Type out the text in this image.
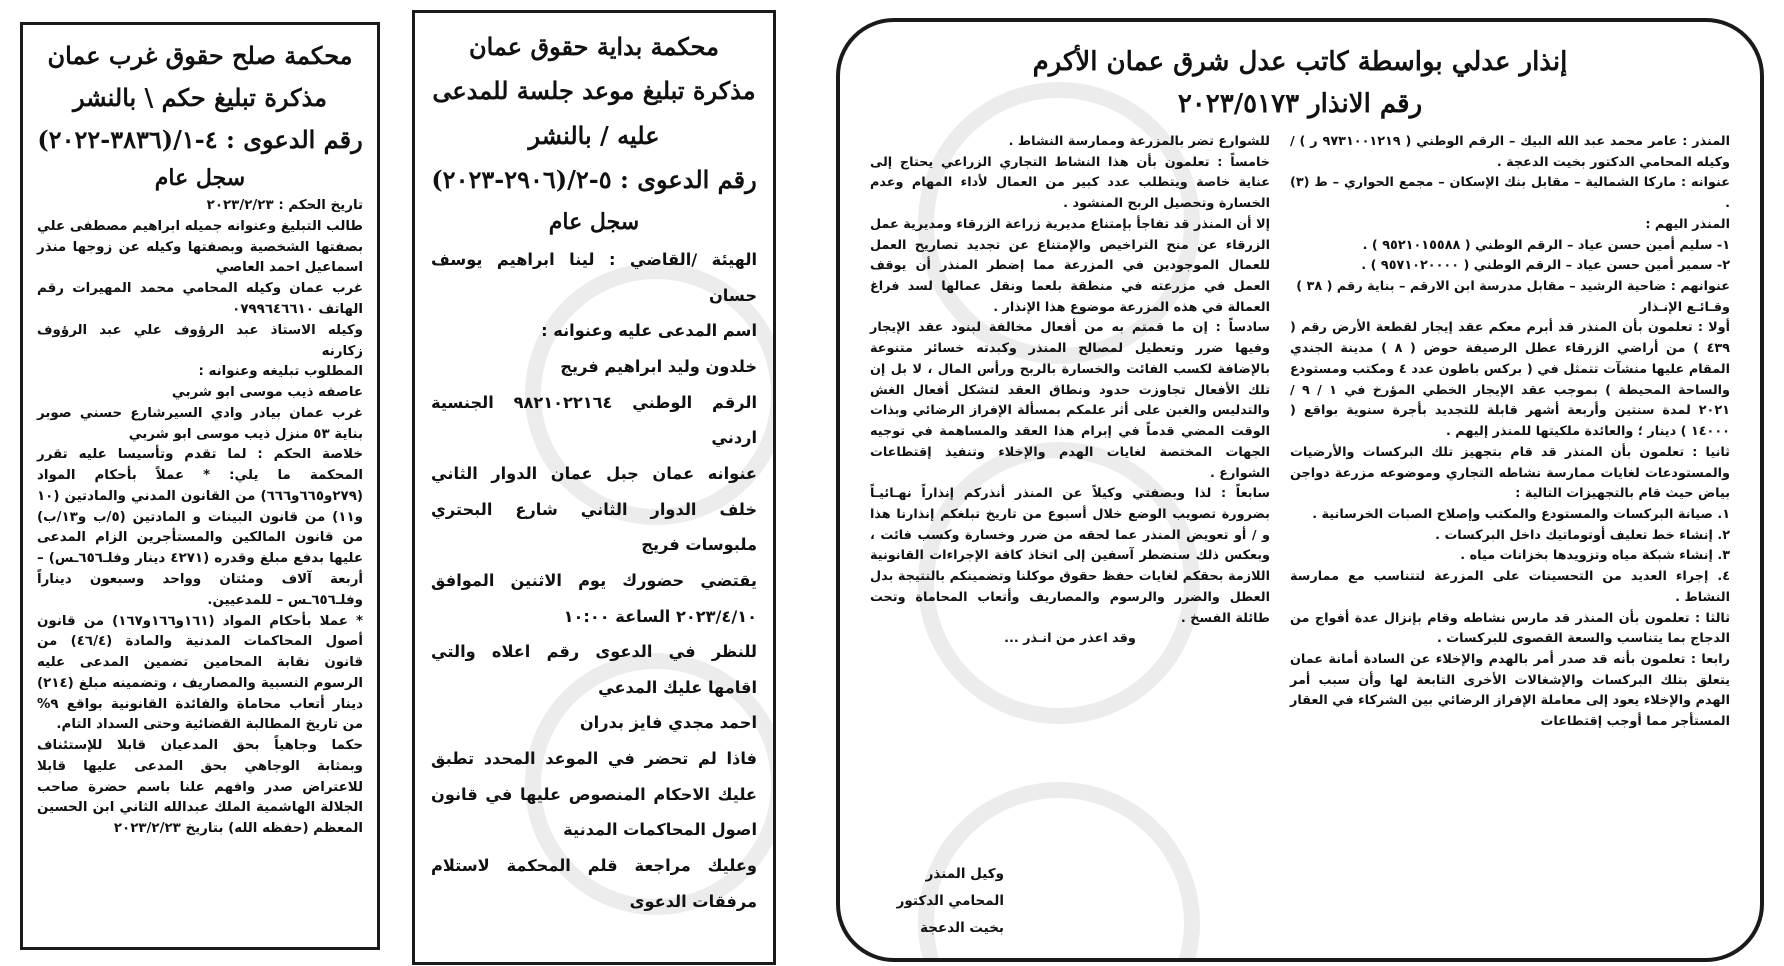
محكمة صلح حقوق غرب عمان

مذكرة تبليغ حكم \ بالنشر

رقم الدعوى : ٤-١/(٣٨٣٦-٢٠٢٢)

سجل عام

تاريخ الحكم : ٢٠٢٣/٢/٢٣

طالب التبليغ وعنوانه جميله ابراهيم مصطفى علي بصفتها الشخصية وبصفتها وكيله عن زوجها منذر اسماعيل احمد العاصي

غرب عمان وكيله المحامي محمد المهيرات رقم الهاتف ٠٧٩٩٦٤٦٦١٠

وكيله الاستاذ عبد الرؤوف علي عبد الرؤوف زكارنه

المطلوب تبليغه وعنوانه :

عاصفه ذيب موسى ابو شربي

غرب عمان بيادر وادي السيرشارع حسني صوبر بناية ٥٣ منزل ذيب موسى ابو شربي

خلاصة الحكم : لما تقدم وتأسيسا عليه تقرر المحكمة ما يلي: * عملاً بأحكام المواد (٢٧٩و٦٦٥و٦٦٦) من القانون المدني والمادتين (١٠ و١١) من قانون البينات و المادتين (٥/ب و١٣/ب) من قانون المالكين والمستأجرين الزام المدعى عليها بدفع مبلغ وقدره (٤٢٧١ دينار وفلـ٦٥٦ـس) – أربعة آلاف ومئتان وواحد وسبعون ديناراً وفلـ٦٥٦ـس – للمدعيين.

* عملا بأحكام المواد (١٦١و١٦٦و١٦٧) من قانون أصول المحاكمات المدنية والمادة (٤٦/٤) من قانون نقابة المحامين تضمين المدعى عليه الرسوم النسبية والمصاريف ، وتضمينه مبلغ (٢١٤) دينار أتعاب محاماة والفائدة القانونية بواقع ٩% من تاريخ المطالبة القضائية وحتى السداد التام.

حكما وجاهياً بحق المدعيان قابلا للإستئناف وبمثابة الوجاهي بحق المدعى عليها قابلا للاعتراض صدر وافهم علنا باسم حضرة صاحب الجلالة الهاشمية الملك عبدالله الثاني ابن الحسين المعظم (حفظه الله) بتاريخ ٢٠٢٣/٢/٢٣

محكمة بداية حقوق عمان

مذكرة تبليغ موعد جلسة للمدعى عليه / بالنشر

رقم الدعوى : ٥-٢/(٢٩٠٦-٢٠٢٣)

سجل عام

الهيئة /القاضي : لينا ابراهيم يوسف حسان

اسم المدعى عليه وعنوانه :

خلدون وليد ابراهيم فريج

الرقم الوطني ٩٨٢١٠٢٢١٦٤ الجنسية اردني

عنوانه عمان جبل عمان الدوار الثاني خلف الدوار الثاني شارع البحتري ملبوسات فريج

يقتضي حضورك يوم الاثنين الموافق ٢٠٢٣/٤/١٠ الساعة ١٠:٠٠

للنظر في الدعوى رقم اعلاه والتي اقامها عليك المدعي

احمد مجدي فايز بدران

فاذا لم تحضر في الموعد المحدد تطبق عليك الاحكام المنصوص عليها في قانون اصول المحاكمات المدنية

وعليك مراجعة قلم المحكمة لاستلام مرفقات الدعوى

إنذار عدلي بواسطة كاتب عدل شرق عمان الأكرم

رقم الانذار ٢٠٢٣/٥١٧٣

المنذر : عامر محمد عبد الله البيك – الرقم الوطني ( ٩٧٣١٠٠١٢١٩ ر ) / وكيله المحامي الدكتور بخيت الدعجة .

عنوانه : ماركا الشمالية – مقابل بنك الإسكان – مجمع الحواري – ط (٣) .

المنذر اليهم :

١- سليم أمين حسن عياد – الرقم الوطني ( ٩٥٢١٠١٥٥٨٨ ) .

٢- سمير أمين حسن عياد – الرقم الوطني ( ٩٥٧١٠٢٠٠٠٠ ) .

عنوانهم : ضاحية الرشيد – مقابل مدرسة ابن الارقم – بناية رقم ( ٣٨ )

وقـائـع الإنـذار

أولا : تعلمون بأن المنذر قد أبرم معكم عقد إيجار لقطعة الأرض رقم ( ٤٣٩ ) من أراضي الزرقاء عطل الرصيفة حوض ( ٨ ) مدينة الجندي المقام عليها منشآت تتمثل في ( بركس باطون عدد ٤ ومكتب ومستودع والساحة المحيطة ) بموجب عقد الإيجار الخطي المؤرخ في ١ / ٩ / ٢٠٢١ لمدة سنتين وأربعة أشهر قابلة للتجديد بأجرة سنوية بواقع ( ١٤٠٠٠ ) دينار ؛ والعائدة ملكيتها للمنذر إليهم .

ثانيا : تعلمون بأن المنذر قد قام بتجهيز تلك البركسات والأرضيات والمستودعات لغايات ممارسة نشاطه التجاري وموضوعه مزرعة دواجن بياض حيث قام بالتجهيزات التالية :

١. صيانة البركسات والمستودع والمكتب وإصلاح الصبات الخرسانية .

٢. إنشاء خط تعليف أوتوماتيك داخل البركسات .

٣. إنشاء شبكة مياه وتزويدها بخزانات مياه .

٤. إجراء العديد من التحسينات على المزرعة لتتناسب مع ممارسة النشاط .

ثالثا : تعلمون بأن المنذر قد مارس نشاطه وقام بإنزال عدة أفواج من الدجاج بما يتناسب والسعة القصوى للبركسات .

رابعا : تعلمون بأنه قد صدر أمر بالهدم والإخلاء عن السادة أمانة عمان يتعلق بتلك البركسات والإشغالات الأخرى التابعة لها وأن سبب أمر الهدم والإخلاء يعود إلى معاملة الإفراز الرضائي بين الشركاء في العقار المستأجر مما أوجب إقتطاعات

للشوارع تضر بالمزرعة وممارسة النشاط .

خامساً : تعلمون بأن هذا النشاط التجاري الزراعي يحتاج إلى عناية خاصة ويتطلب عدد كبير من العمال لأداء المهام وعدم الخسارة وتحصيل الربح المنشود .

إلا أن المنذر قد تفاجأ بإمتناع مديرية زراعة الزرقاء ومديرية عمل الزرقاء عن منح التراخيص والإمتناع عن تجديد تصاريح العمل للعمال الموجودين في المزرعة مما إضطر المنذر أن يوقف العمل في مزرعته في منطقة بلعما ونقل عمالها لسد فراغ العمالة في هذه المزرعة موضوع هذا الإنذار .

سادساً : إن ما قمتم به من أفعال مخالفة لبنود عقد الإيجار وفيها ضرر وتعطيل لمصالح المنذر وكبدته خسائر متنوعة بالإضافة لكسب الفائت والخسارة بالربح ورأس المال ، لا بل إن تلك الأفعال تجاوزت حدود ونطاق العقد لتشكل أفعال الغش والتدليس والغبن على أثر علمكم بمسألة الإفراز الرضائي وبذات الوقت المضي قدماً في إبرام هذا العقد والمساهمة في توجيه الجهات المختصة لغايات الهدم والإخلاء وتنفيذ إقتطاعات الشوارع .

سابعاً : لذا وبصفتي وكيلاً عن المنذر أنذركم إنذاراً نهـائيـاً بضرورة تصويب الوضع خلال أسبوع من تاريخ تبلغكم إنذارنا هذا و / أو تعويض المنذر عما لحقه من ضرر وخسارة وكسب فائت ، وبعكس ذلك سنضطر آسفين إلى اتخاذ كافة الإجراءات القانونية اللازمة بحقكم لغايات حفظ حقوق موكلنا وتضمينكم بالنتيجة بدل العطل والضرر والرسوم والمصاريف وأتعاب المحاماة وتحت طائلة الفسخ .

وقد اعذر من انـذر ...

وكيل المنذر
المحامي الدكتور
بخيت الدعجة
